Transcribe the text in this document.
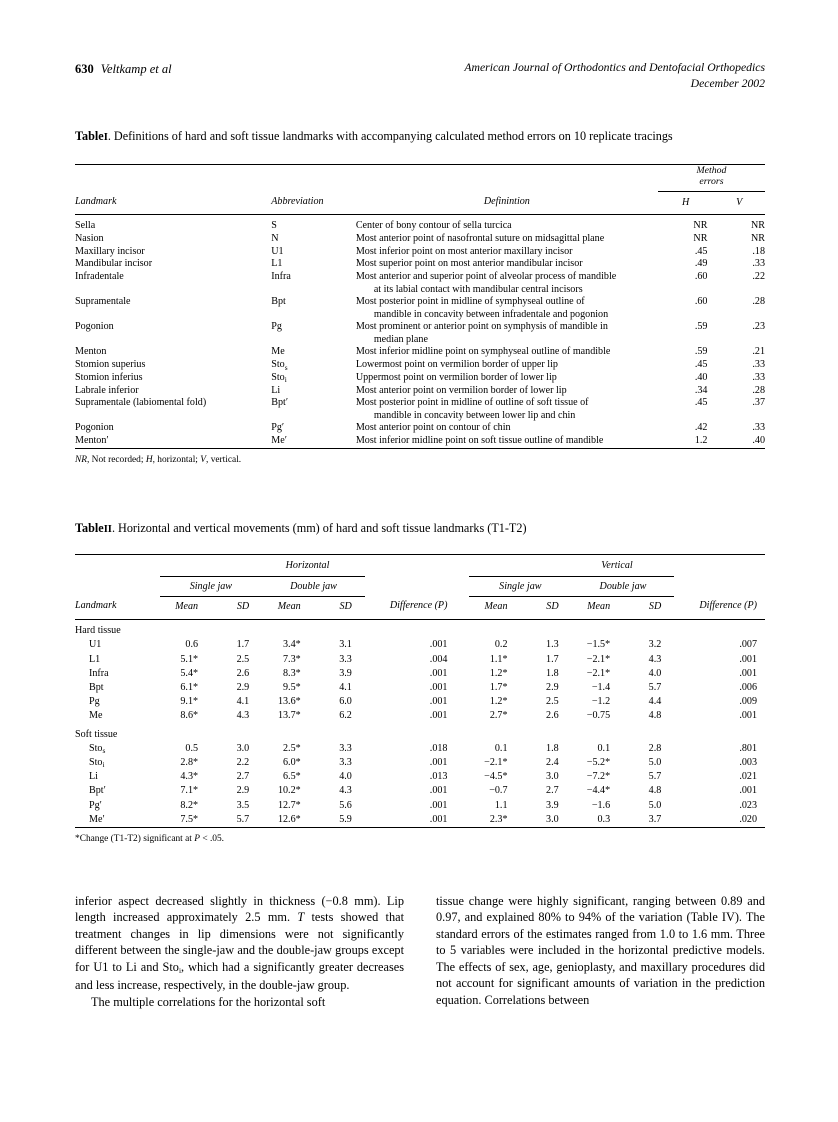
630 Veltkamp et al	American Journal of Orthodontics and Dentofacial Orthopedics
December 2002
TableI. Definitions of hard and soft tissue landmarks with accompanying calculated method errors on 10 replicate tracings
			Method
errors	
Landmark	Abbreviation	Definintion	H	V
Sella	S	Center of bony contour of sella turcica	NR	NR
Nasion	N	Most anterior point of nasofrontal suture on midsagittal plane	NR	NR
Maxillary incisor	U1	Most inferior point on most anterior maxillary incisor	.45	.18
Mandibular incisor	L1	Most superior point on most anterior mandibular incisor	.49	.33
Infradentale	Infra	Most anterior and superior point of alveolar process of mandible
at its labial contact with mandibular central incisors	.60	.22
Supramentale	Bpt	Most posterior point in midline of symphyseal outline of
mandible in concavity between infradentale and pogonion	.60	.28
Pogonion	Pg	Most prominent or anterior point on symphysis of mandible in
median plane	.59	.23
Menton	Me	Most inferior midline point on symphyseal outline of mandible	.59	.21
Stomion superius	Sto$_s$	Lowermost point on vermilion border of upper lip	.45	.33
Stomion inferius	Sto$_i$	Uppermost point on vermilion border of lower lip	.40	.33
Labrale inferior	Li	Most anterior point on vermilion border of lower lip	.34	.28
Supramentale (labiomental fold)	Bpt′	Most posterior point in midline of outline of soft tissue of
mandible in concavity between lower lip and chin	.45	.37
Pogonion	Pg′	Most anterior point on contour of chin	.42	.33
Menton′	Me′	Most inferior midline point on soft tissue outline of mandible	1.2	.40
NR, Not recorded; H, horizontal; V, vertical.
TableII. Horizontal and vertical movements (mm) of hard and soft tissue landmarks (T1-T2)
	Horizontal						Vertical				
	Single jaw		Double jaw				Single jaw		Double jaw		
Landmark	Mean	SD	Mean	SD	Difference (P)		Mean	SD	Mean	SD	Difference (P)
Hard tissue											
U1	0.6	1.7	3.4*	3.1	.001		0.2	1.3	−1.5*	3.2	.007
L1	5.1*	2.5	7.3*	3.3	.004		1.1*	1.7	−2.1*	4.3	.001
Infra	5.4*	2.6	8.3*	3.9	.001		1.2*	1.8	−2.1*	4.0	.001
Bpt	6.1*	2.9	9.5*	4.1	.001		1.7*	2.9	−1.4	5.7	.006
Pg	9.1*	4.1	13.6*	6.0	.001		1.2*	2.5	−1.2	4.4	.009
Me	8.6*	4.3	13.7*	6.2	.001		2.7*	2.6	−0.75	4.8	.001
Soft tissue											
Sto$_s$	0.5	3.0	2.5*	3.3	.018		0.1	1.8	0.1	2.8	.801
Sto$_i$	2.8*	2.2	6.0*	3.3	.001		−2.1*	2.4	−5.2*	5.0	.003
Li	4.3*	2.7	6.5*	4.0	.013		−4.5*	3.0	−7.2*	5.7	.021
Bpt′	7.1*	2.9	10.2*	4.3	.001		−0.7	2.7	−4.4*	4.8	.001
Pg′	8.2*	3.5	12.7*	5.6	.001		1.1	3.9	−1.6	5.0	.023
Me′	7.5*	5.7	12.6*	5.9	.001		2.3*	3.0	0.3	3.7	.020
*Change (T1-T2) significant at P < .05.

inferior aspect decreased slightly in thickness (−0.8 mm). Lip length increased approximately 2.5 mm. T tests showed that treatment changes in lip dimensions were not significantly different between the single-jaw and the double-jaw groups except for U1 to Li and Sto$_i$, which had a significantly greater decreases and less increase, respectively, in the double-jaw group.

The multiple correlations for the horizontal soft

tissue change were highly significant, ranging between 0.89 and 0.97, and explained 80% to 94% of the variation (Table IV). The standard errors of the estimates ranged from 1.0 to 1.6 mm. Three to 5 variables were included in the horizontal predictive models. The effects of sex, age, genioplasty, and maxillary procedures did not account for significant amounts of variation in the prediction equation. Correlations between
